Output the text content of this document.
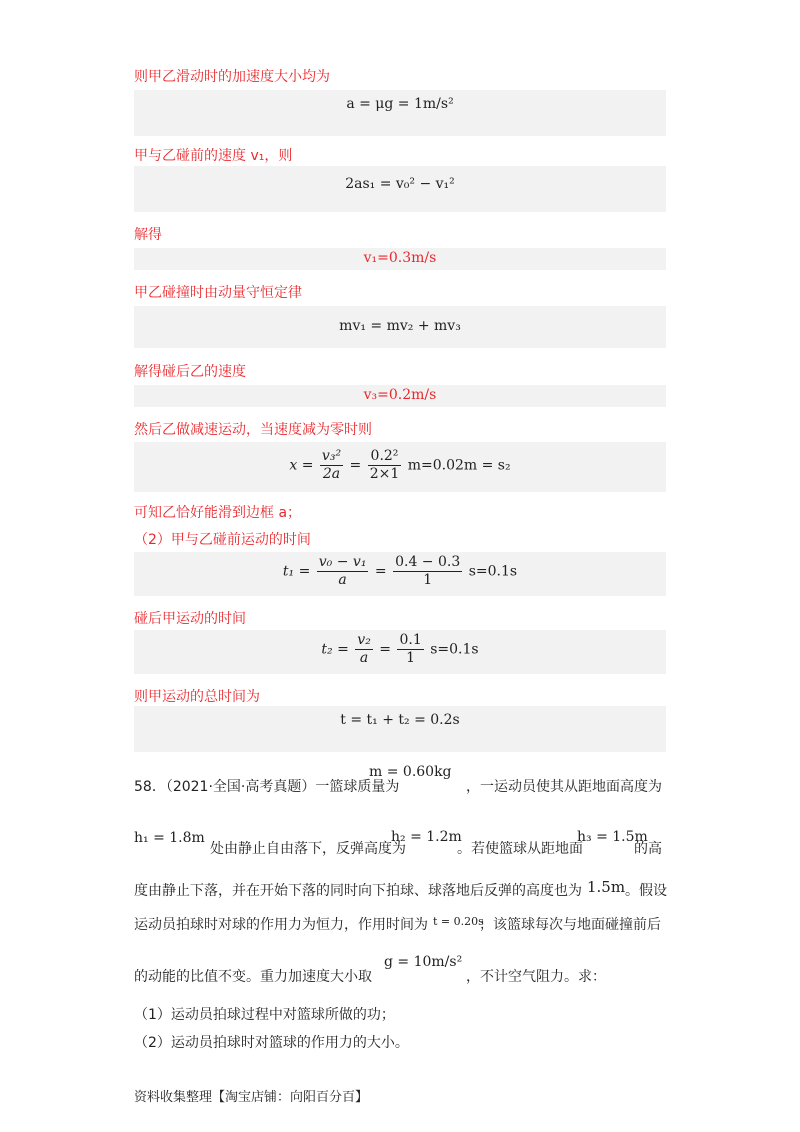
则甲乙滑动时的加速度大小均为
a = μg = 1m/s²
甲与乙碰前的速度 v₁，则
2as₁ = v₀² − v₁²
解得
v₁=0.3m/s
甲乙碰撞时由动量守恒定律
mv₁ = mv₂ + mv₃
解得碰后乙的速度
v₃=0.2m/s
然后乙做减速运动，当速度减为零时则
$x = \frac{\text{v₃²}}{2a} = \frac{\text{0.2²}}{2\times 1} m=0.02m = s_2$
可知乙恰好能滑到边框 a；
（2）甲与乙碰前运动的时间
$t_1 = \frac{\text{v₀ − v₁}}{a} = \frac{0.4 - 0.3}{1} s=0.1s$
碰后甲运动的时间
$t_2 = \frac{\text{v₂}}{a} = \frac{0.1}{1} s=0.1s$
则甲运动的总时间为
t = t₁ + t₂ = 0.2s
58．（2021·全国·高考真题）一篮球质量为
m = 0.60kg
，一运动员使其从距地面高度为
h₁ = 1.8m
处由静止自由落下，反弹高度为
h₂ = 1.2m
。若使篮球从距地面
h₃ = 1.5m
的高
度由静止下落，并在开始下落的同时向下拍球、球落地后反弹的高度也为 1.5m 。假设
运动员拍球时对球的作用力为恒力，作用时间为 t = 0.20s
；该篮球每次与地面碰撞前后
的动能的比值不变。重力加速度大小取
g = 10m/s²
，不计空气阻力。求：
（1）运动员拍球过程中对篮球所做的功；
（2）运动员拍球时对篮球的作用力的大小。
资料收集整理【淘宝店铺：向阳百分百】
